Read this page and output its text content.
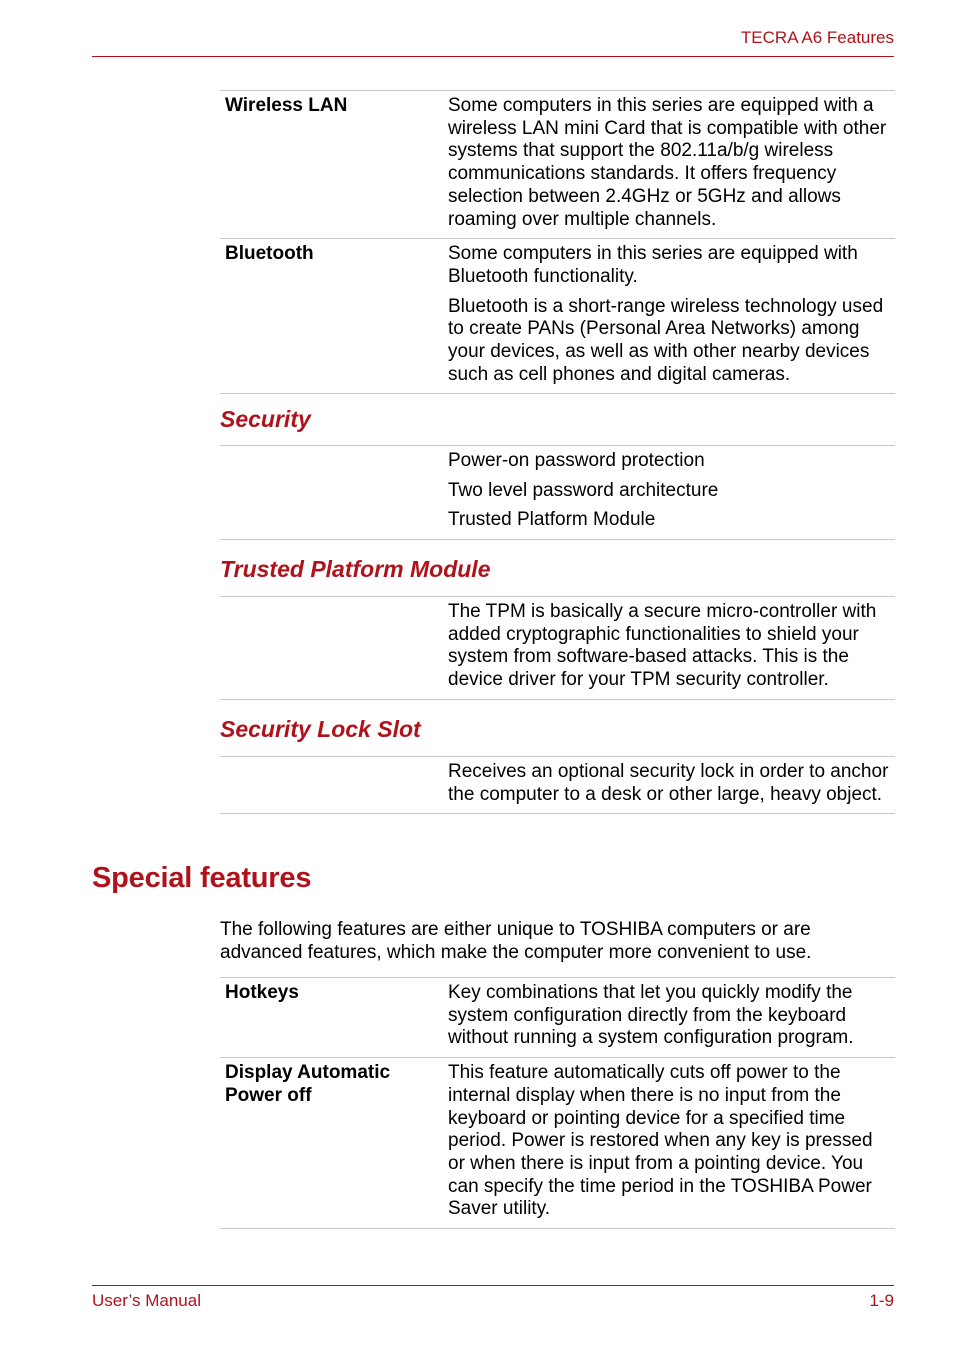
TECRA A6 Features
Wireless LAN	Some computers in this series are equipped with a wireless LAN mini Card that is compatible with other systems that support the 802.11a/b/g wireless communications standards. It offers frequency selection between 2.4GHz or 5GHz and allows roaming over multiple channels.

Bluetooth	Some computers in this series are equipped with Bluetooth functionality.

Bluetooth is a short-range wireless technology used to create PANs (Personal Area Networks) among your devices, as well as with other nearby devices such as cell phones and digital cameras.

Security

Power-on password protection

Two level password architecture

Trusted Platform Module

Trusted Platform Module

The TPM is basically a secure micro-controller with added cryptographic functionalities to shield your system from software-based attacks. This is the device driver for your TPM security controller.

Security Lock Slot

Receives an optional security lock in order to anchor the computer to a desk or other large, heavy object.

Special features
The following features are either unique to TOSHIBA computers or are advanced features, which make the computer more convenient to use.
Hotkeys	Key combinations that let you quickly modify the system configuration directly from the keyboard without running a system configuration program.

Display Automatic Power off	This feature automatically cuts off power to the internal display when there is no input from the keyboard or pointing device for a specified time period. Power is restored when any key is pressed or when there is input from a pointing device. You can specify the time period in the TOSHIBA Power Saver utility.

User’s Manual	1-9
